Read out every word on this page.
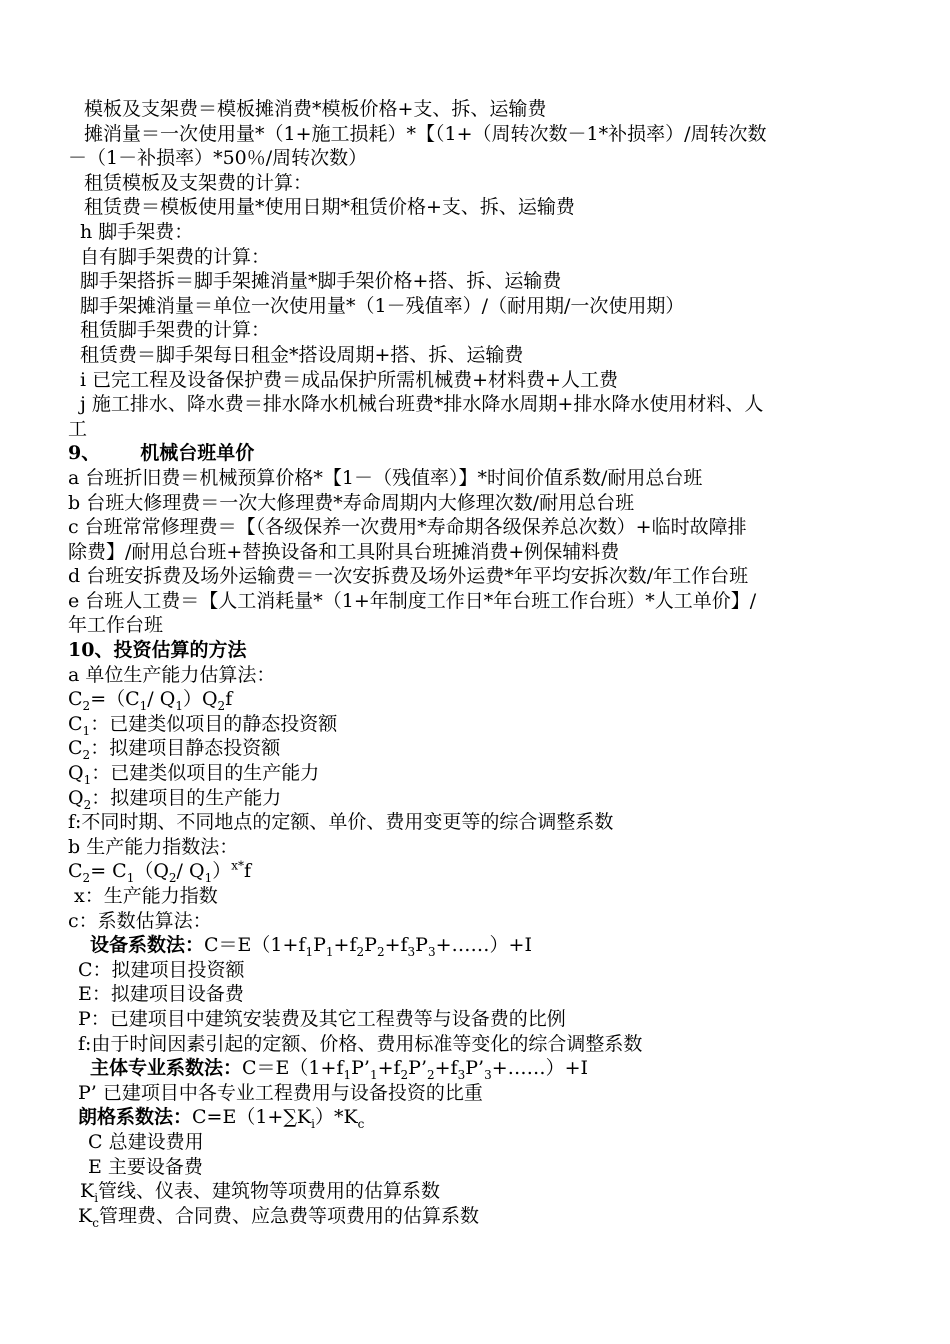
模板及支架费＝模板摊消费*模板价格+支、拆、运输费
摊消量＝一次使用量*（1+施工损耗）*【（1+（周转次数－1*补损率）/周转次数
－（1－补损率）*50％/周转次数）
租赁模板及支架费的计算：
租赁费＝模板使用量*使用日期*租赁价格+支、拆、运输费
h 脚手架费：
自有脚手架费的计算：
脚手架搭拆＝脚手架摊消量*脚手架价格+搭、拆、运输费
脚手架摊消量＝单位一次使用量*（1－残值率）/（耐用期/一次使用期）
租赁脚手架费的计算：
租赁费＝脚手架每日租金*搭设周期+搭、拆、运输费
i 已完工程及设备保护费＝成品保护所需机械费+材料费+人工费
j 施工排水、降水费＝排水降水机械台班费*排水降水周期+排水降水使用材料、人
工
9、 机械台班单价
a 台班折旧费＝机械预算价格*【1－（残值率）】*时间价值系数/耐用总台班
b 台班大修理费＝一次大修理费*寿命周期内大修理次数/耐用总台班
c 台班常常修理费＝【（各级保养一次费用*寿命期各级保养总次数）+临时故障排
除费】/耐用总台班+替换设备和工具附具台班摊消费+例保辅料费
d 台班安拆费及场外运输费＝一次安拆费及场外运费*年平均安拆次数/年工作台班
e 台班人工费＝【人工消耗量*（1+年制度工作日*年台班工作台班）*人工单价】/
年工作台班
10、投资估算的方法
a 单位生产能力估算法：
$C_2=(C_1/$ $Q_1)Q_2f$
$C_1$：已建类似项目的静态投资额
$C_2$：拟建项目静态投资额
$Q_1$：已建类似项目的生产能力
$Q_2$：拟建项目的生产能力
f:不同时期、不同地点的定额、单价、费用变更等的综合调整系数
b 生产能力指数法：
$C_2= C_1(Q_2/$ $Q_1)^{x*}f$
x：生产能力指数
c：系数估算法：
设备系数法：$C=E(1+f_1P_1+f_2P_2+f_3P_3+\dots\dots)+I$
C：拟建项目投资额
E：拟建项目设备费
P：已建项目中建筑安装费及其它工程费等与设备费的比例
f:由于时间因素引起的定额、价格、费用标准等变化的综合调整系数
主体专业系数法：$C=E(1+f_1P’_1+f_2P’_2+f_3P’_3+\dots\dots)+I$
P’ 已建项目中各专业工程费用与设备投资的比重
朗格系数法：$C=E(1+\sum K_i)*K_c$
C 总建设费用
E 主要设备费
$K_i$管线、仪表、建筑物等项费用的估算系数
$K_c$管理费、合同费、应急费等项费用的估算系数
